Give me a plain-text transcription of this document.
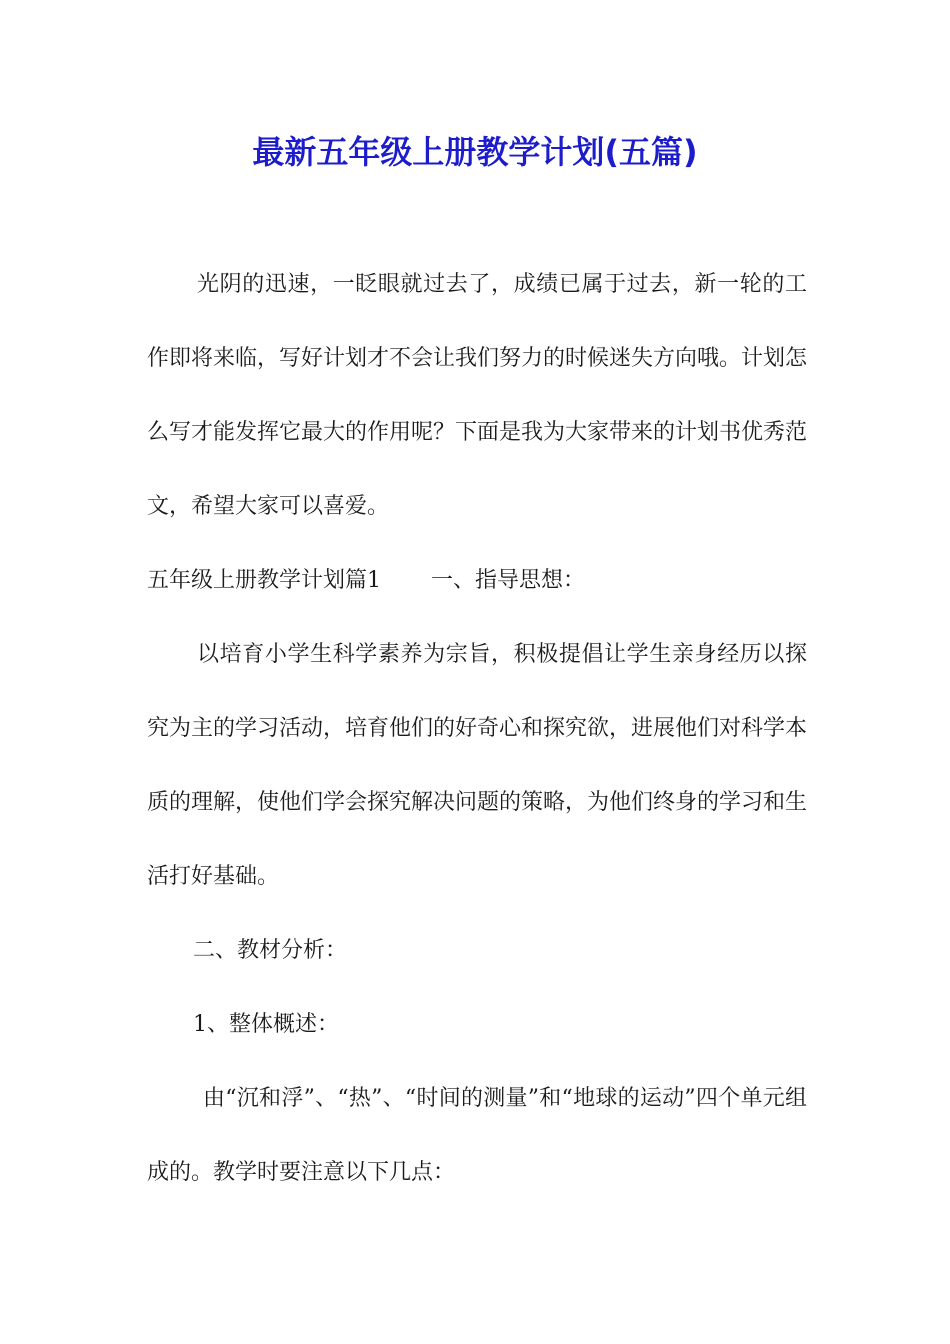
最新五年级上册教学计划(五篇)

光阴的迅速，一眨眼就过去了，成绩已属于过去，新一轮的工作即将来临，写好计划才不会让我们努力的时候迷失方向哦。计划怎么写才能发挥它最大的作用呢？下面是我为大家带来的计划书优秀范文，希望大家可以喜爱。

五年级上册教学计划篇1 一、指导思想：

以培育小学生科学素养为宗旨，积极提倡让学生亲身经历以探究为主的学习活动，培育他们的好奇心和探究欲，进展他们对科学本质的理解，使他们学会探究解决问题的策略，为他们终身的学习和生活打好基础。

二、教材分析：

1、整体概述：

由“沉和浮”、“热”、“时间的测量”和“地球的运动”四个单元组成的。教学时要注意以下几点：
